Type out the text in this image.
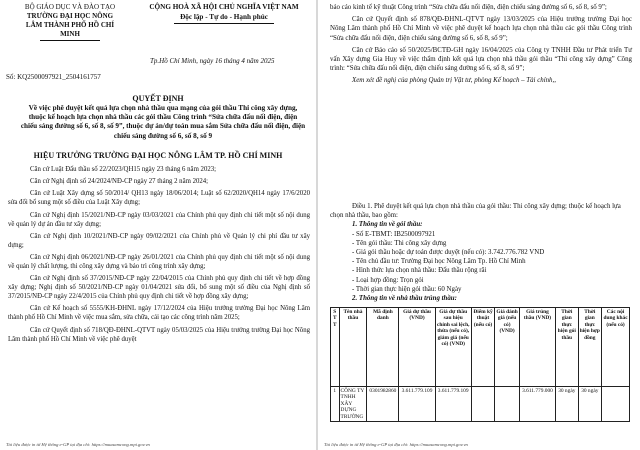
BỘ GIÁO DỤC VÀ ĐÀO TẠO
TRƯỜNG ĐẠI HỌC NÔNG
LÂM THÀNH PHỐ HỒ CHÍ
MINH
CỘNG HOÀ XÃ HỘI CHỦ NGHĨA VIỆT NAM
Độc lập - Tự do - Hạnh phúc
Tp.Hồ Chí Minh, ngày 16 tháng 4 năm 2025
Số: KQ2500097921_2504161757
QUYẾT ĐỊNH
Về việc phê duyệt kết quả lựa chọn nhà thầu qua mạng của gói thầu Thi công xây dựng, thuộc kế hoạch lựa chọn nhà thầu các gói thầu Công trình “Sửa chữa đấu nối điện, điện chiếu sáng đường số 6, số 8, số 9”, thuộc dự án/dự toán mua sắm Sửa chữa đấu nối điện, điện chiếu sáng đường số 6, số 8, số 9
HIỆU TRƯỞNG TRƯỜNG ĐẠI HỌC NÔNG LÂM TP. HỒ CHÍ MINH

Căn cứ Luật Đấu thầu số 22/2023/QH15 ngày 23 tháng 6 năm 2023;

Căn cứ Nghị định số 24/2024/NĐ-CP ngày 27 tháng 2 năm 2024;

Căn cứ Luật Xây dựng số 50/2014/ QH13 ngày 18/06/2014; Luật số 62/2020/QH14 ngày 17/6/2020 sửa đổi bổ sung một số điều của Luật Xây dựng;

Căn cứ Nghị định 15/2021/NĐ-CP ngày 03/03/2021 của Chính phủ quy định chi tiết một số nội dung về quản lý dự án đầu tư xây dựng;

Căn cứ Nghị định 10/2021/NĐ-CP ngày 09/02/2021 của Chính phủ về Quản lý chi phí đầu tư xây dựng;

Căn cứ Nghị định 06/2021/NĐ-CP ngày 26/01/2021 của Chính phủ quy định chi tiết một số nội dung về quản lý chất lượng, thi công xây dựng và bảo trì công trình xây dựng;

Căn cứ Nghị định số 37/2015/NĐ-CP ngày 22/04/2015 của Chính phủ quy định chi tiết về hợp đồng xây dựng; Nghị định số 50/2021/NĐ-CP ngày 01/04/2021 sửa đổi, bổ sung một số điều của Nghị định số 37/2015/NĐ-CP ngày 22/4/2015 của Chính phủ quy định chi tiết về hợp đồng xây dựng;

Căn cứ Kế hoạch số 5555/KH-ĐHNL ngày 17/12/2024 của Hiệu trưởng trường Đại học Nông Lâm thành phố Hồ Chí Minh về việc mua sắm, sửa chữa, cải tạo các công trình năm 2025;

Căn cứ Quyết định số 718/QĐ-ĐHNL-QTVT ngày 05/03/2025 của Hiệu trưởng trường Đại học Nông Lâm thành phố Hồ Chí Minh về việc phê duyệt

Tài liệu được in từ Hệ thống e-GP tại địa chỉ: https://muasamcong.mpi.gov.vn

báo cáo kinh tế kỹ thuật Công trình “Sửa chữa đấu nối điện, điện chiếu sáng đường số 6, số 8, số 9”;

Căn cứ Quyết định số 878/QĐ-ĐHNL-QTVT ngày 13/03/2025 của Hiệu trưởng trường Đại học Nông Lâm thành phố Hồ Chí Minh về việc phê duyệt kế hoạch lựa chọn nhà thầu các gói thầu Công trình “Sửa chữa đấu nối điện, điện chiếu sáng đường số 6, số 8, số 9”;

Căn cứ Báo cáo số 50/2025/BCTĐ-GH ngày 16/04/2025 của Công ty TNHH Đầu tư Phát triển Tư vấn Xây dựng Gia Huy về việc thẩm định kết quả lựa chọn nhà thầu gói thầu “Thi công xây dựng” Công trình: “Sửa chữa đấu nối điện, điện chiếu sáng đường số 6, số 8, số 9”;

Xem xét đề nghị của phòng Quản trị Vật tư, phòng Kế hoạch – Tài chính,,

Điều 1. Phê duyệt kết quả lựa chọn nhà thầu của gói thầu: Thi công xây dựng; thuộc kế hoạch lựa chọn nhà thầu, bao gồm:

1. Thông tin về gói thầu:

- Số E-TBMT: IB2500097921

- Tên gói thầu: Thi công xây dựng

- Giá gói thầu hoặc dự toán được duyệt (nếu có): 3.742.776.782 VND

- Tên chủ đầu tư: Trường Đại học Nông Lâm Tp. Hồ Chí Minh

- Hình thức lựa chọn nhà thầu: Đấu thầu rộng rãi

- Loại hợp đồng: Trọn gói

- Thời gian thực hiện gói thầu: 60 Ngày

2. Thông tin về nhà thầu trúng thầu:

S T T	Tên nhà thầu	Mã định danh	Giá dự thầu (VND)	Giá dự thầu sau hiệu chỉnh sai lệch, thừa (nếu có), giảm giá (nếu có) (VND)	Điểm kỹ thuật (nếu có)	Giá đánh giá (nếu có) (VND)	Giá trúng thầu (VND)	Thời gian thực hiện gói thầu	Thời gian thực hiện hợp đồng	Các nội dung khác (nếu có)
1	CÔNG TY TNHH XÂY DỰNG TRƯỜNG	0301982860	3.611.779.109	3.611.779.109			3.611.779.000	30 ngày	30 ngày	
Tài liệu được in từ Hệ thống e-GP tại địa chỉ: https://muasamcong.mpi.gov.vn
